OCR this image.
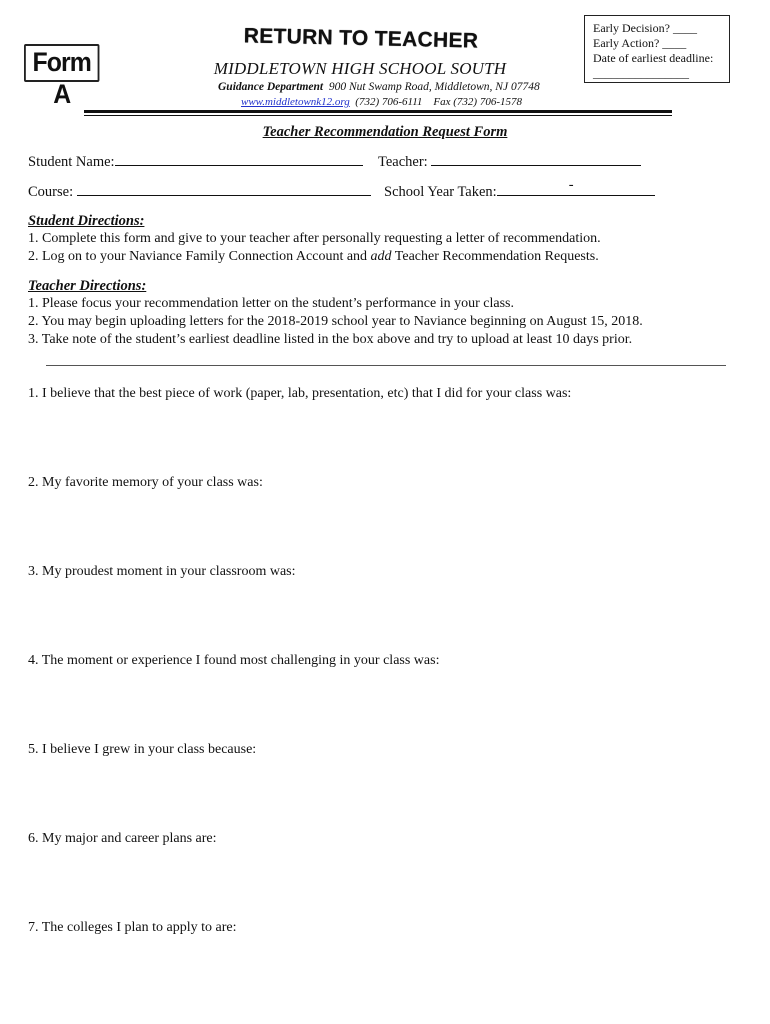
Form A
RETURN TO TEACHER
MIDDLETOWN HIGH SCHOOL SOUTH
Guidance Department 900 Nut Swamp Road, Middletown, NJ 07748
www.middletownk12.org (732) 706-6111 Fax (732) 706-1578
Early Decision? ____
Early Action? ____
Date of earliest deadline:
________________
Teacher Recommendation Request Form
Student Name:	Teacher:
Course:	School Year Taken:	-
Student Directions:
1. Complete this form and give to your teacher after personally requesting a letter of recommendation.
2. Log on to your Naviance Family Connection Account and add Teacher Recommendation Requests.
Teacher Directions:
1. Please focus your recommendation letter on the student’s performance in your class.
2. You may begin uploading letters for the 2018-2019 school year to Naviance beginning on August 15, 2018.
3. Take note of the student’s earliest deadline listed in the box above and try to upload at least 10 days prior.
1. I believe that the best piece of work (paper, lab, presentation, etc) that I did for your class was:
2. My favorite memory of your class was:
3. My proudest moment in your classroom was:
4. The moment or experience I found most challenging in your class was:
5. I believe I grew in your class because:
6. My major and career plans are:
7. The colleges I plan to apply to are:
